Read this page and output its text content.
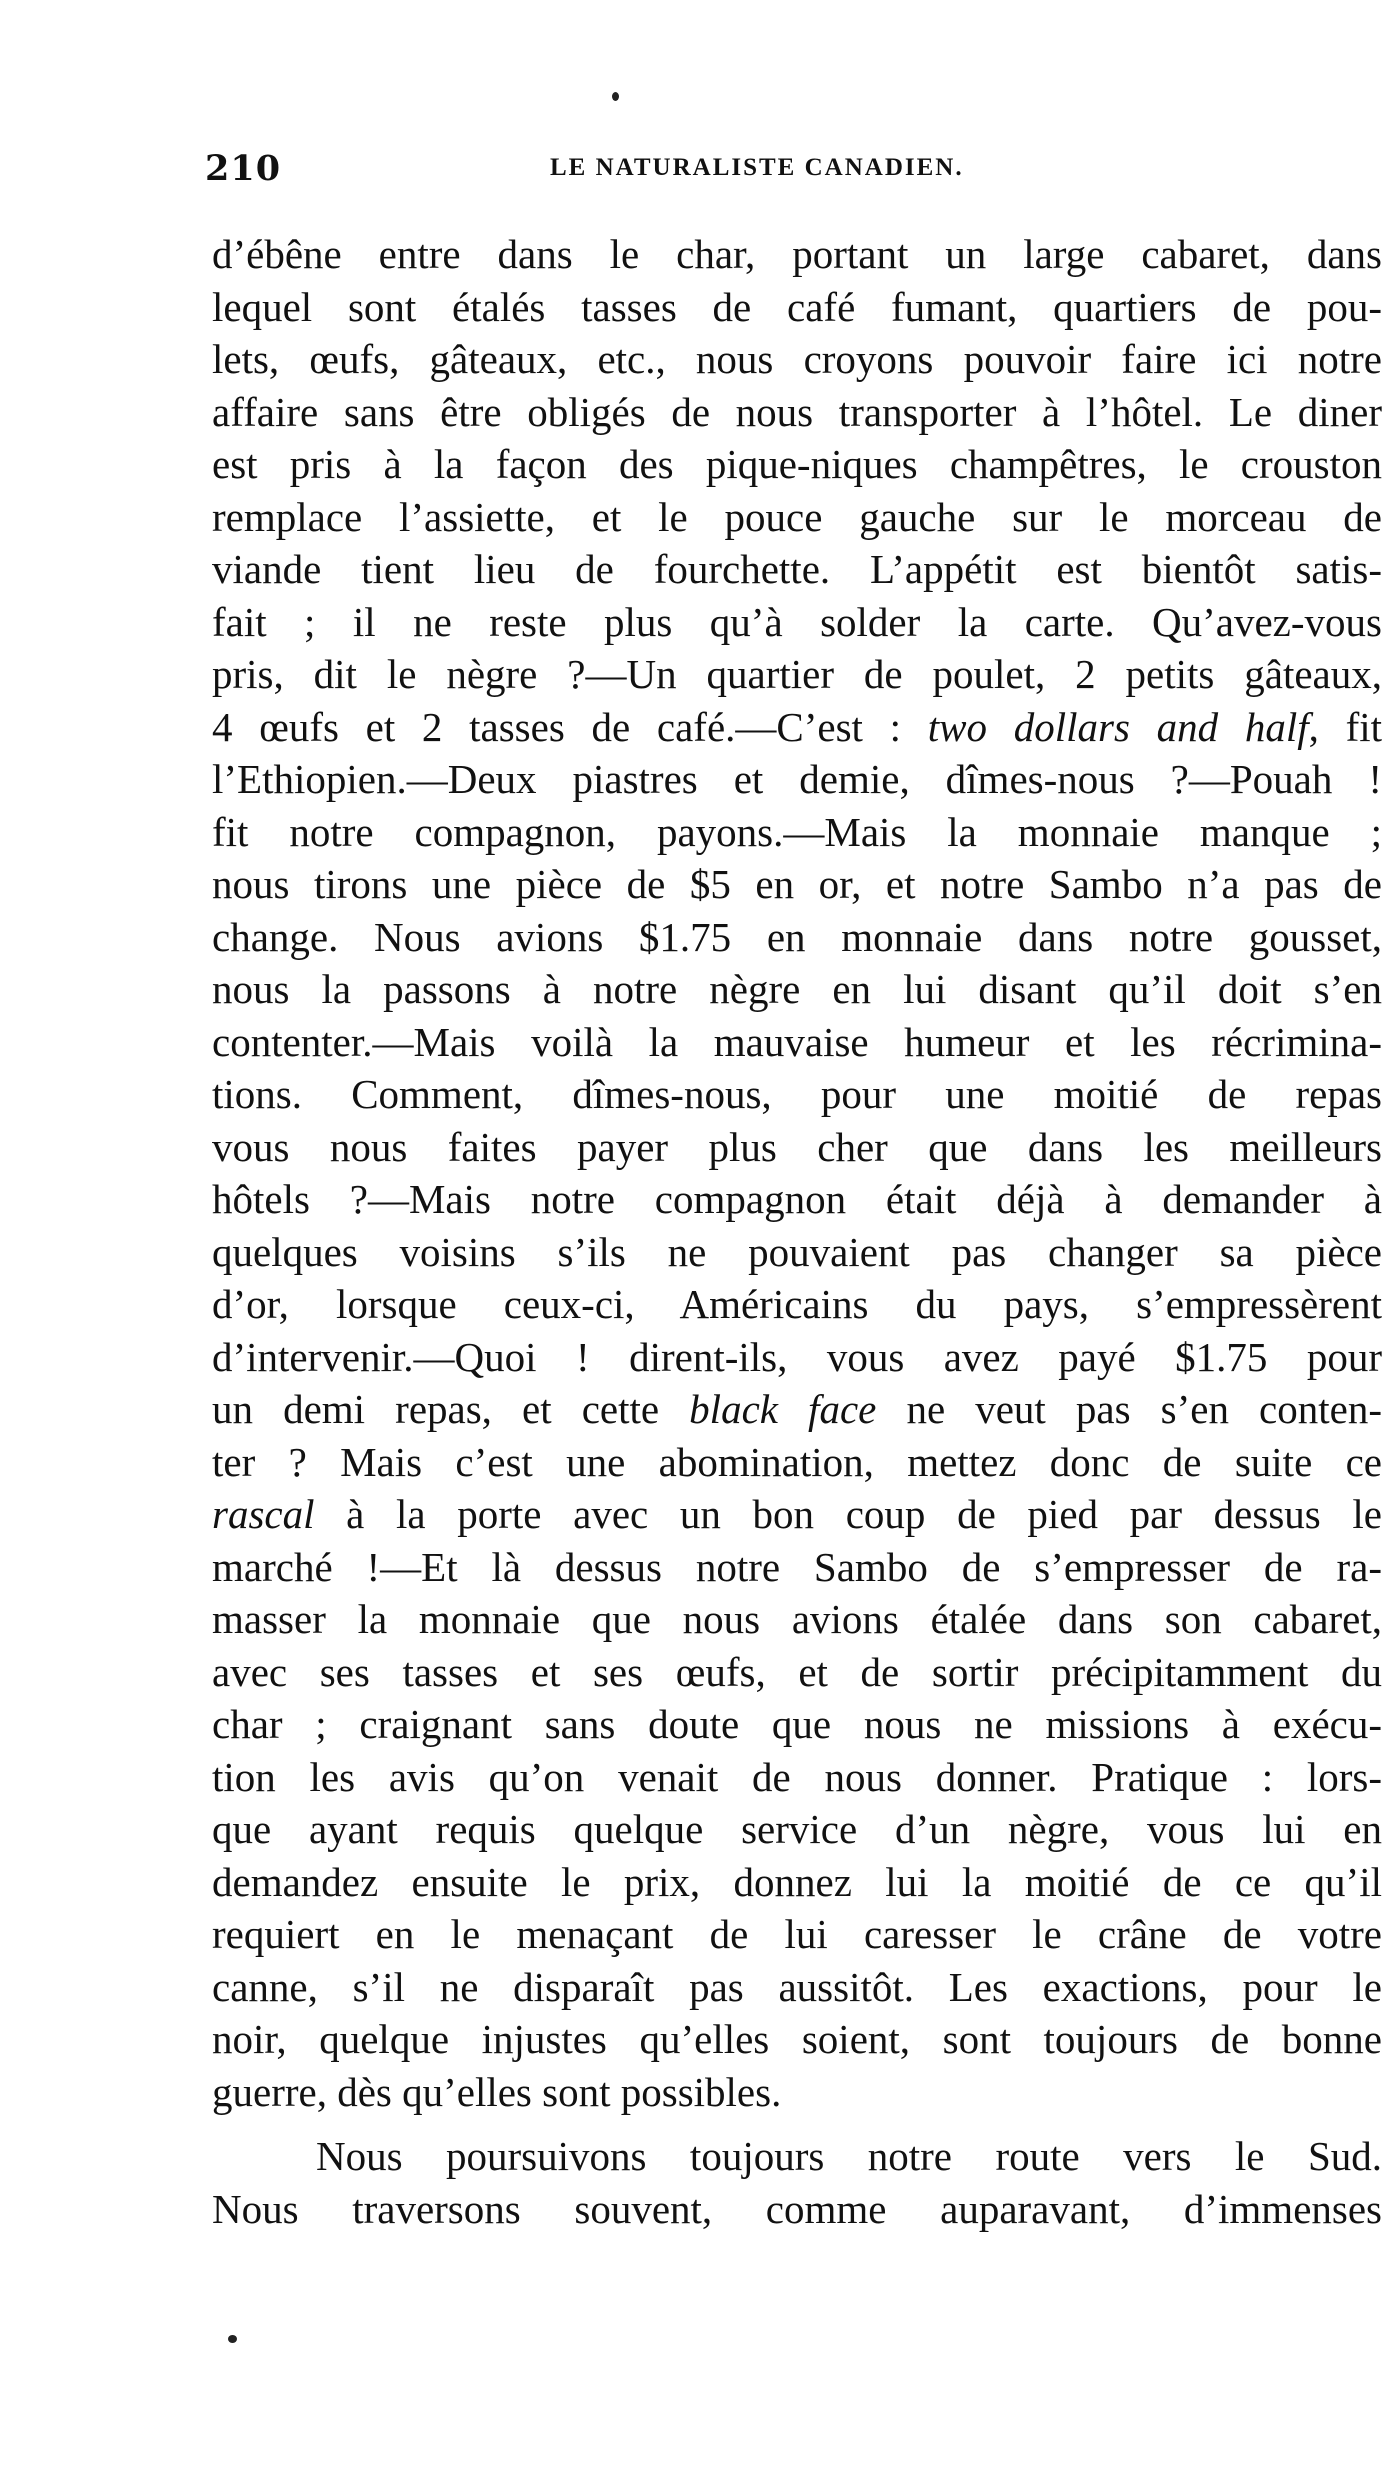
210	LE NATURALISTE CANADIEN.
d’ébêne entre dans le char, portant un large cabaret, dans
lequel sont étalés tasses de café fumant, quartiers de pou-
lets, œufs, gâteaux, etc., nous croyons pouvoir faire ici notre
affaire sans être obligés de nous transporter à l’hôtel. Le diner
est pris à la façon des pique-niques champêtres, le crouston
remplace l’assiette, et le pouce gauche sur le morceau de
viande tient lieu de fourchette. L’appétit est bientôt satis-
fait ; il ne reste plus qu’à solder la carte. Qu’avez-vous
pris, dit le nègre ?—Un quartier de poulet, 2 petits gâteaux,
4 œufs et 2 tasses de café.—C’est : two dollars and half, fit
l’Ethiopien.—Deux piastres et demie, dîmes-nous ?—Pouah !
fit notre compagnon, payons.—Mais la monnaie manque ;
nous tirons une pièce de $5 en or, et notre Sambo n’a pas de
change. Nous avions $1.75 en monnaie dans notre gousset,
nous la passons à notre nègre en lui disant qu’il doit s’en
contenter.—Mais voilà la mauvaise humeur et les récrimina-
tions. Comment, dîmes-nous, pour une moitié de repas
vous nous faites payer plus cher que dans les meilleurs
hôtels ?—Mais notre compagnon était déjà à demander à
quelques voisins s’ils ne pouvaient pas changer sa pièce
d’or, lorsque ceux-ci, Américains du pays, s’empressèrent
d’intervenir.—Quoi ! dirent-ils, vous avez payé $1.75 pour
un demi repas, et cette black face ne veut pas s’en conten-
ter ? Mais c’est une abomination, mettez donc de suite ce
rascal à la porte avec un bon coup de pied par dessus le
marché !—Et là dessus notre Sambo de s’empresser de ra-
masser la monnaie que nous avions étalée dans son cabaret,
avec ses tasses et ses œufs, et de sortir précipitamment du
char ; craignant sans doute que nous ne missions à exécu-
tion les avis qu’on venait de nous donner. Pratique : lors-
que ayant requis quelque service d’un nègre, vous lui en
demandez ensuite le prix, donnez lui la moitié de ce qu’il
requiert en le menaçant de lui caresser le crâne de votre
canne, s’il ne disparaît pas aussitôt. Les exactions, pour le
noir, quelque injustes qu’elles soient, sont toujours de bonne
guerre, dès qu’elles sont possibles.
Nous poursuivons toujours notre route vers le Sud.
Nous traversons souvent, comme auparavant, d’immenses
